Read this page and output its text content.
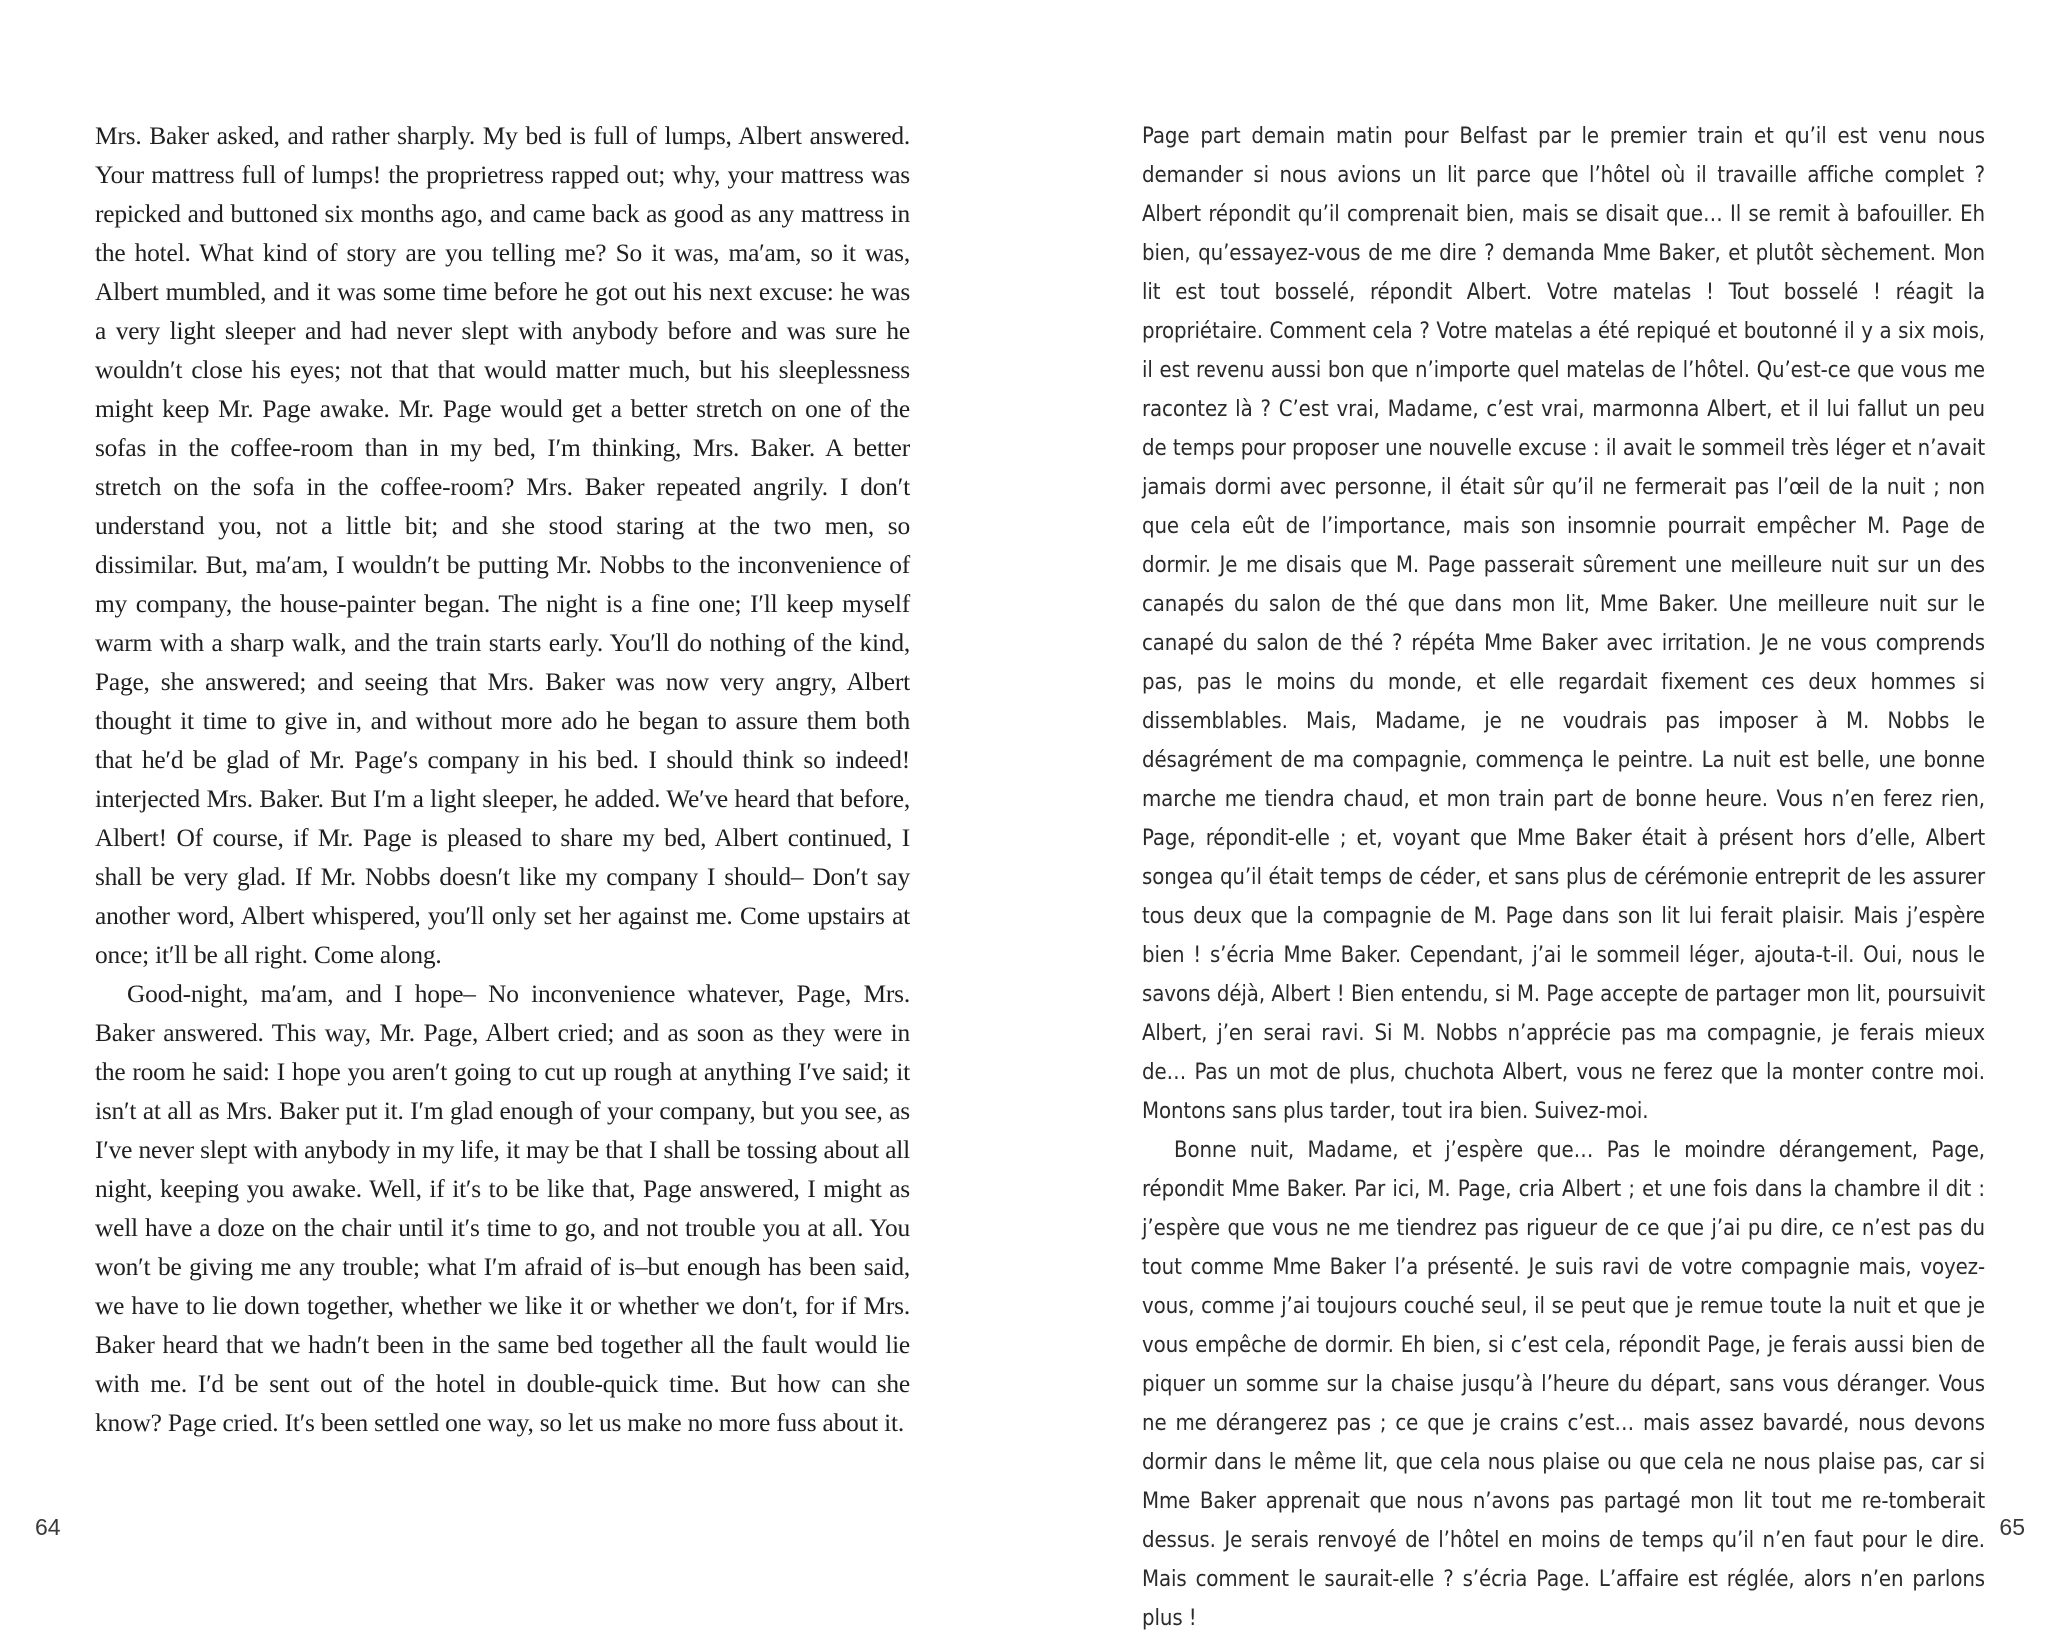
Mrs. Baker asked, and rather sharply. My bed is full of lumps, Albert answered. Your mattress full of lumps! the proprietress rapped out; why, your mattress was repicked and buttoned six months ago, and came back as good as any mattress in the hotel. What kind of story are you telling me? So it was, ma′am, so it was, Albert mumbled, and it was some time before he got out his next excuse: he was a very light sleeper and had never slept with anybody before and was sure he wouldn′t close his eyes; not that that would matter much, but his sleeplessness might keep Mr. Page awake. Mr. Page would get a better stretch on one of the sofas in the coffee-room than in my bed, I′m thinking, Mrs. Baker. A better stretch on the sofa in the coffee-room? Mrs. Baker repeated angrily. I don′t understand you, not a little bit; and she stood staring at the two men, so dissimilar. But, ma′am, I wouldn′t be putting Mr. Nobbs to the inconvenience of my company, the house-painter began. The night is a fine one; I′ll keep myself warm with a sharp walk, and the train starts early. You′ll do nothing of the kind, Page, she answered; and seeing that Mrs. Baker was now very angry, Albert thought it time to give in, and without more ado he began to assure them both that he′d be glad of Mr. Page′s company in his bed. I should think so indeed! interjected Mrs. Baker. But I′m a light sleeper, he added. We′ve heard that before, Albert! Of course, if Mr. Page is pleased to share my bed, Albert continued, I shall be very glad. If Mr. Nobbs doesn′t like my company I should– Don′t say another word, Albert whispered, you′ll only set her against me. Come upstairs at once; it′ll be all right. Come along.

Good-night, ma′am, and I hope– No inconvenience whatever, Page, Mrs. Baker answered. This way, Mr. Page, Albert cried; and as soon as they were in the room he said: I hope you aren′t going to cut up rough at anything I′ve said; it isn′t at all as Mrs. Baker put it. I′m glad enough of your company, but you see, as I′ve never slept with anybody in my life, it may be that I shall be tossing about all night, keeping you awake. Well, if it′s to be like that, Page answered, I might as well have a doze on the chair until it′s time to go, and not trouble you at all. You won′t be giving me any trouble; what I′m afraid of is–but enough has been said, we have to lie down together, whether we like it or whether we don′t, for if Mrs. Baker heard that we hadn′t been in the same bed together all the fault would lie with me. I′d be sent out of the hotel in double-quick time. But how can she know? Page cried. It′s been settled one way, so let us make no more fuss about it.

64

Page part demain matin pour Belfast par le premier train et qu’il est venu nous demander si nous avions un lit parce que l’hôtel où il travaille affiche complet ? Albert répondit qu’il comprenait bien, mais se disait que… Il se remit à bafouiller. Eh bien, qu’essayez-vous de me dire ? demanda Mme Baker, et plutôt sèchement. Mon lit est tout bosselé, répondit Albert. Votre matelas ! Tout bosselé ! réagit la propriétaire. Comment cela ? Votre matelas a été repiqué et boutonné il y a six mois, il est revenu aussi bon que n’importe quel matelas de l’hôtel. Qu’est-ce que vous me racontez là ? C’est vrai, Madame, c’est vrai, marmonna Albert, et il lui fallut un peu de temps pour proposer une nouvelle excuse : il avait le sommeil très léger et n’avait jamais dormi avec personne, il était sûr qu’il ne fermerait pas l’œil de la nuit ; non que cela eût de l’importance, mais son insomnie pourrait empêcher M. Page de dormir. Je me disais que M. Page passerait sûrement une meilleure nuit sur un des canapés du salon de thé que dans mon lit, Mme Baker. Une meilleure nuit sur le canapé du salon de thé ? répéta Mme Baker avec irritation. Je ne vous comprends pas, pas le moins du monde, et elle regardait fixement ces deux hommes si dissemblables. Mais, Madame, je ne voudrais pas imposer à M. Nobbs le désagrément de ma compagnie, commença le peintre. La nuit est belle, une bonne marche me tiendra chaud, et mon train part de bonne heure. Vous n’en ferez rien, Page, répondit-elle ; et, voyant que Mme Baker était à présent hors d’elle, Albert songea qu’il était temps de céder, et sans plus de cérémonie entreprit de les assurer tous deux que la compagnie de M. Page dans son lit lui ferait plaisir. Mais j’espère bien ! s’écria Mme Baker. Cependant, j’ai le sommeil léger, ajouta-t-il. Oui, nous le savons déjà, Albert ! Bien entendu, si M. Page accepte de partager mon lit, poursuivit Albert, j’en serai ravi. Si M. Nobbs n’apprécie pas ma compagnie, je ferais mieux de… Pas un mot de plus, chuchota Albert, vous ne ferez que la monter contre moi. Montons sans plus tarder, tout ira bien. Suivez-moi.

Bonne nuit, Madame, et j’espère que… Pas le moindre dérangement, Page, répondit Mme Baker. Par ici, M. Page, cria Albert ; et une fois dans la chambre il dit : j’espère que vous ne me tiendrez pas rigueur de ce que j’ai pu dire, ce n’est pas du tout comme Mme Baker l’a présenté. Je suis ravi de votre compagnie mais, voyez-vous, comme j’ai toujours couché seul, il se peut que je remue toute la nuit et que je vous empêche de dormir. Eh bien, si c’est cela, répondit Page, je ferais aussi bien de piquer un somme sur la chaise jusqu’à l’heure du départ, sans vous déranger. Vous ne me dérangerez pas ; ce que je crains c’est… mais assez bavardé, nous devons dormir dans le même lit, que cela nous plaise ou que cela ne nous plaise pas, car si Mme Baker apprenait que nous n’avons pas partagé mon lit tout me re-tomberait dessus. Je serais renvoyé de l’hôtel en moins de temps qu’il n’en faut pour le dire. Mais comment le saurait-elle ? s’écria Page. L’affaire est réglée, alors n’en parlons plus !

65
